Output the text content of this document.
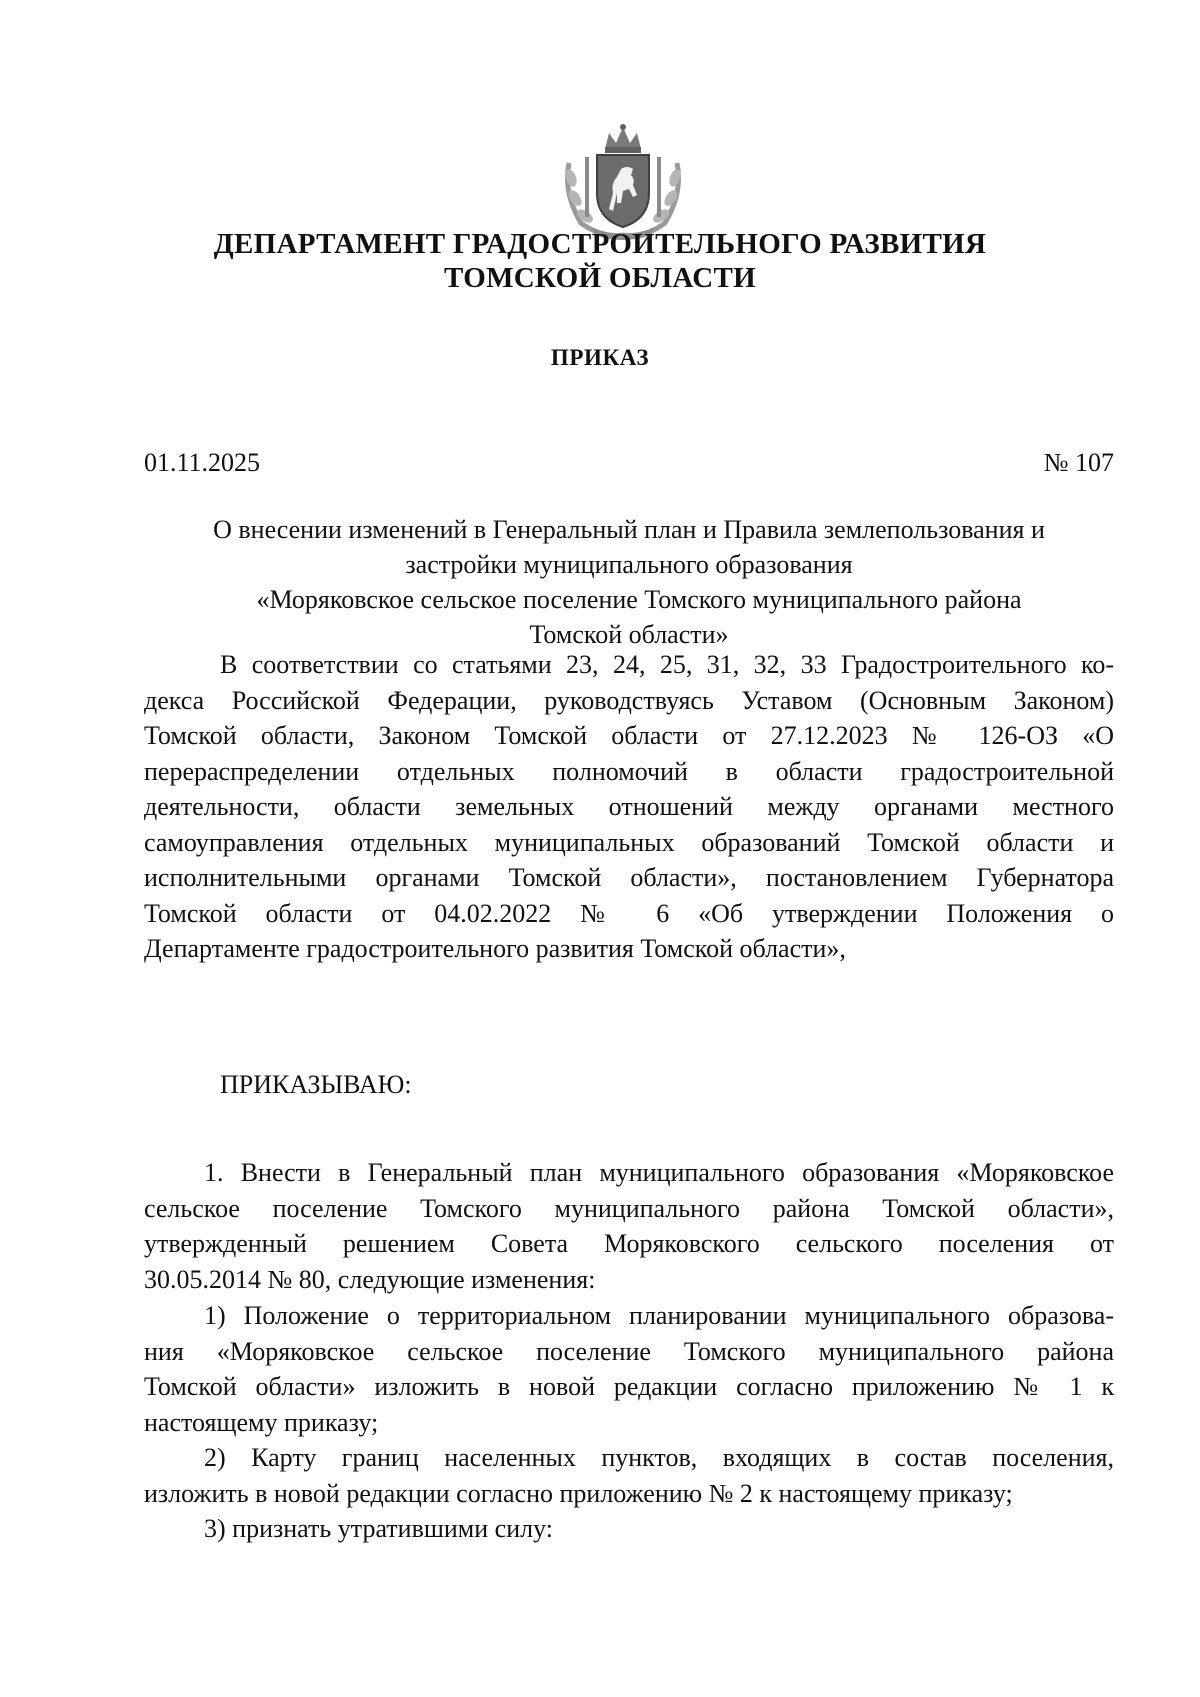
ДЕПАРТАМЕНТ ГРАДОСТРОИТЕЛЬНОГО РАЗВИТИЯ
ТОМСКОЙ ОБЛАСТИ
ПРИКАЗ
01.11.2025	№ 107
О внесении изменений в Генеральный план и Правила землепользования и
застройки муниципального образования
«Моряковское сельское поселение Томского муниципального района
Томской области»
В соответствии со статьями 23, 24, 25, 31, 32, 33 Градостроительного ко-
декса Российской Федерации, руководствуясь Уставом (Основным Законом)
Томской области, Законом Томской области от 27.12.2023 № 126-ОЗ «О
перераспределении отдельных полномочий в области градостроительной
деятельности, области земельных отношений между органами местного
самоуправления отдельных муниципальных образований Томской области и
исполнительными органами Томской области», постановлением Губернатора
Томской области от 04.02.2022 № 6 «Об утверждении Положения о
Департаменте градостроительного развития Томской области»,
ПРИКАЗЫВАЮ:
1. Внести в Генеральный план муниципального образования «Моряковское
сельское поселение Томского муниципального района Томской области»,
утвержденный решением Совета Моряковского сельского поселения от
30.05.2014 № 80, следующие изменения:
1) Положение о территориальном планировании муниципального образова-
ния «Моряковское сельское поселение Томского муниципального района
Томской области» изложить в новой редакции согласно приложению № 1 к
настоящему приказу;
2) Карту границ населенных пунктов, входящих в состав поселения,
изложить в новой редакции согласно приложению № 2 к настоящему приказу;
3) признать утратившими силу:
